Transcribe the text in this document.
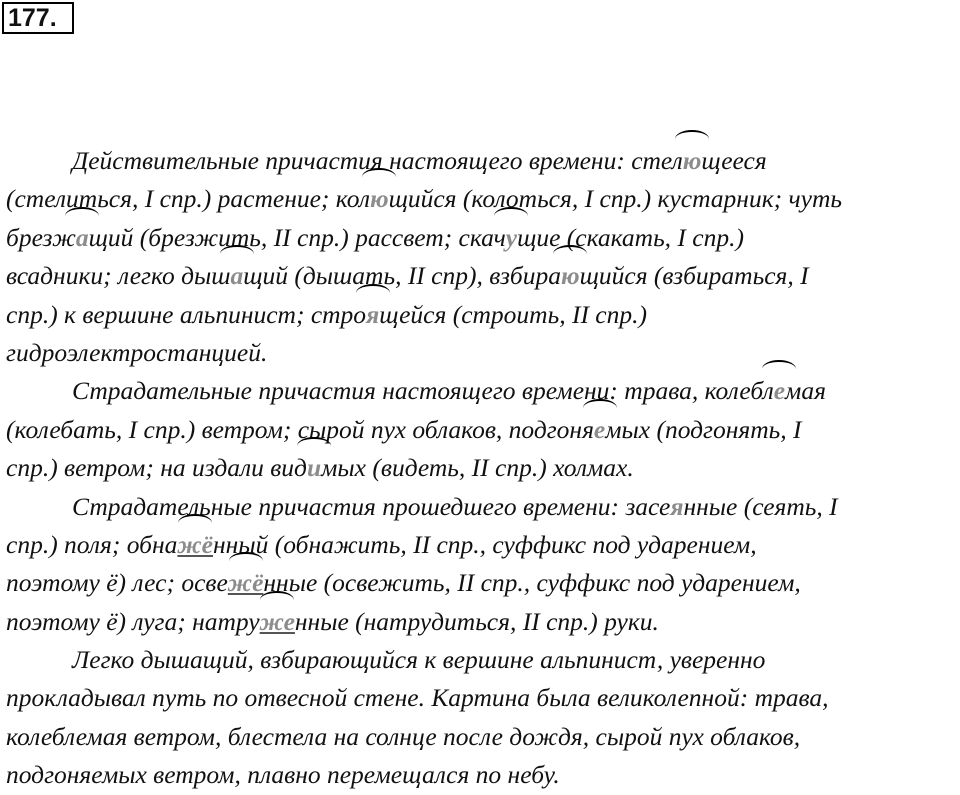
177.
Действительные причастия настоящего времени: стелющееся
(стелиться, I спр.) растение; колющийся (колоться, I спр.) кустарник; чуть
брезжащий (брезжить, II спр.) рассвет; скачущие (скакать, I спр.)
всадники; легко дышащий (дышать, II спр), взбирающийся (взбираться, I
спр.) к вершине альпинист; строящейся (строить, II спр.)
гидроэлектростанцией.
Страдательные причастия настоящего времени: трава, колеблемая
(колебать, I спр.) ветром; сырой пух облаков, подгоняемых (подгонять, I
спр.) ветром; на издали видимых (видеть, II спр.) холмах.
Страдательные причастия прошедшего времени: засеянные (сеять, I
спр.) поля; обнажённый (обнажить, II спр., суффикс под ударением,
поэтому ё) лес; освежённые (освежить, II спр., суффикс под ударением,
поэтому ё) луга; натруженные (натрудиться, II спр.) руки.
Легко дышащий, взбирающийся к вершине альпинист, уверенно
прокладывал путь по отвесной стене. Картина была великолепной: трава,
колеблемая ветром, блестела на солнце после дождя, сырой пух облаков,
подгоняемых ветром, плавно перемещался по небу.
